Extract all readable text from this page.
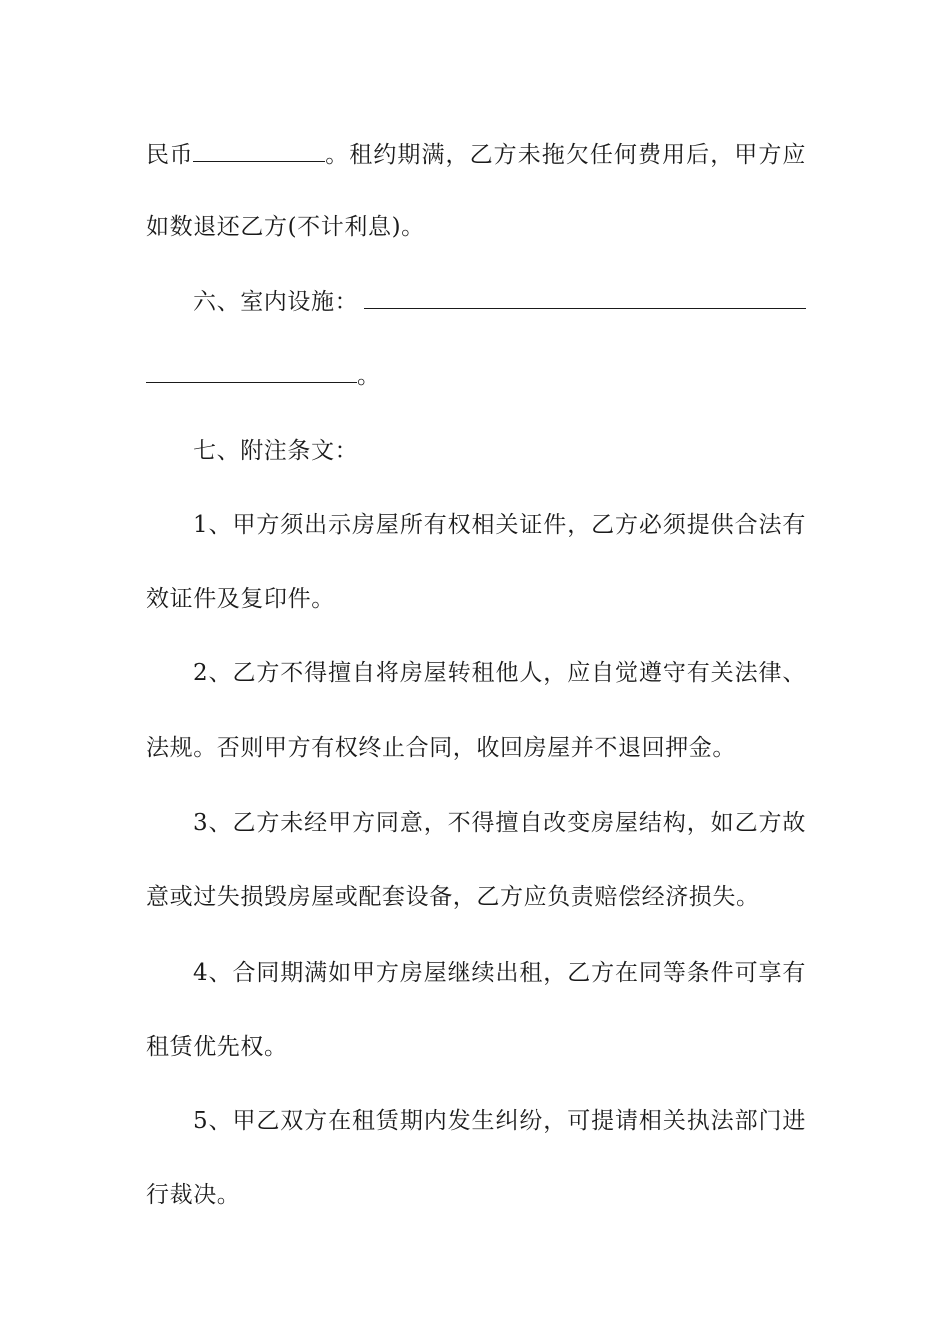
民币	。租约期满，乙方未拖欠任何费用后，甲方应
如数退还乙方(不计利息)。
六、室内设施：
。
七、附注条文：
1、甲方须出示房屋所有权相关证件，乙方必须提供合法有
效证件及复印件。
2、乙方不得擅自将房屋转租他人，应自觉遵守有关法律、
法规。否则甲方有权终止合同，收回房屋并不退回押金。
3、乙方未经甲方同意，不得擅自改变房屋结构，如乙方故
意或过失损毁房屋或配套设备，乙方应负责赔偿经济损失。
4、合同期满如甲方房屋继续出租，乙方在同等条件可享有
租赁优先权。
5、甲乙双方在租赁期内发生纠纷，可提请相关执法部门进
行裁决。
